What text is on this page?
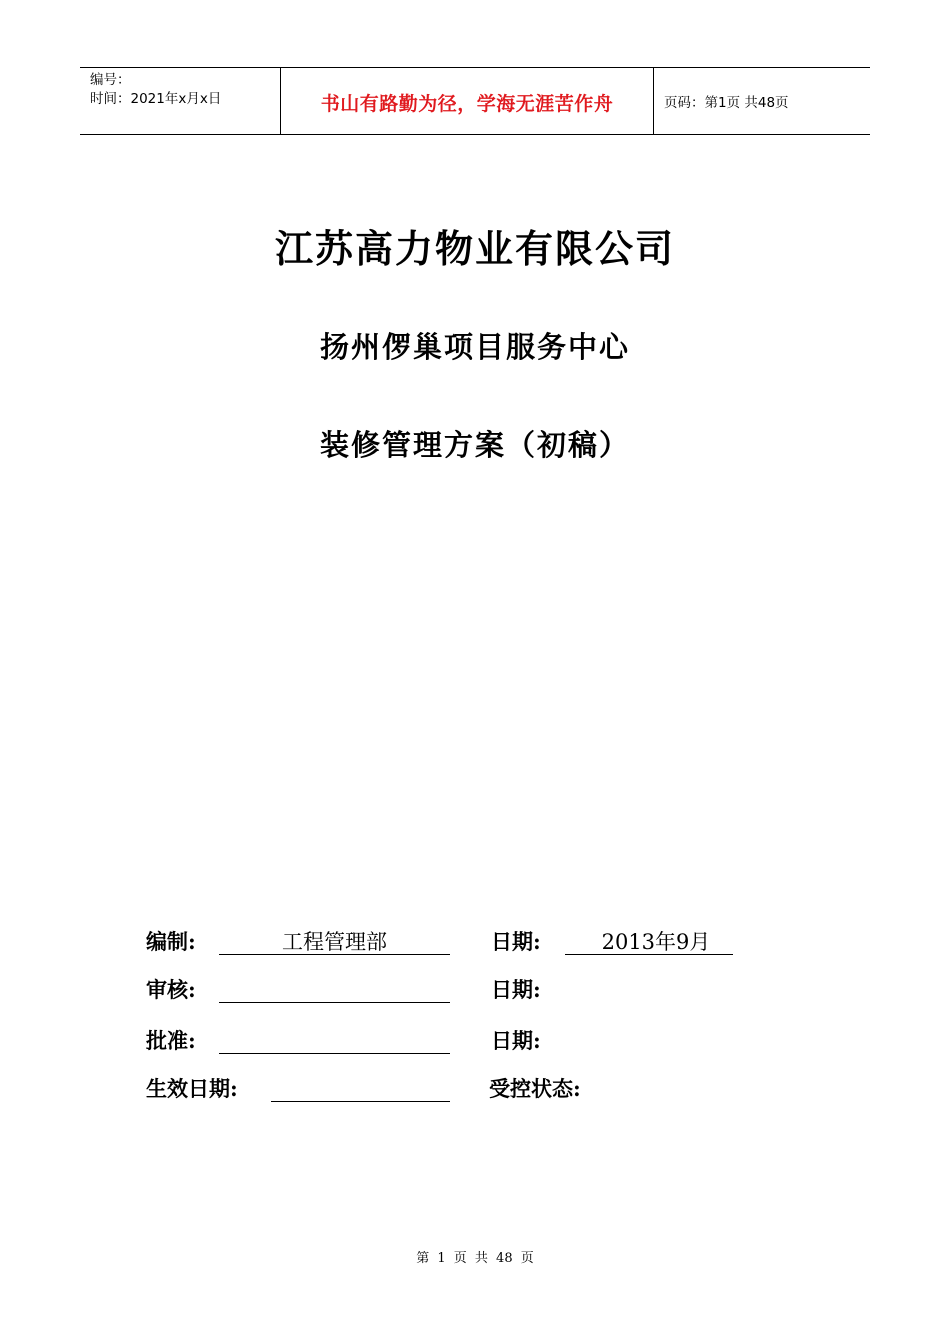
编号：
时间：2021年x月x日	书山有路勤为径，学海无涯苦作舟	页码：第1页 共48页
江苏高力物业有限公司
扬州㑩巢项目服务中心
装修管理方案（初稿）
编制:	工程管理部	日期:	2013年9月
审核:	日期:
批准:	日期:
生效日期:	受控状态:
第 1 页 共 48 页
